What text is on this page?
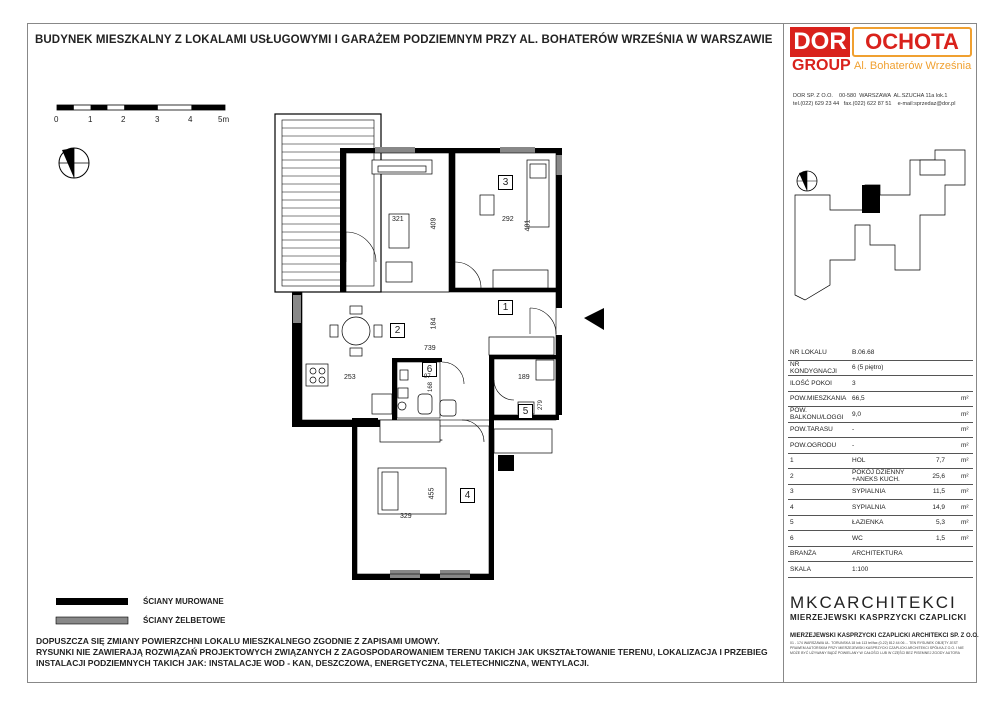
BUDYNEK MIESZKALNY Z LOKALAMI USŁUGOWYMI I GARAŻEM PODZIEMNYM PRZY AL. BOHATERÓW WRZEŚNIA W WARSZAWIE DOR OCHOTA
GROUP Al. Bohaterów Września
DOR SP. Z O.O.    00-580  WARSZAWA  AL.SZUCHA 11a lok.1
tel.(022) 629 23 44   fax.(022) 622 87 51    e-mail:sprzedaz@dor.pl
0	1	2	3	4	5m
1
2
3
4
5
6
321	409	292
401
184
739
253	97
168
189
279
455
329
ŚCIANY MUROWANE
ŚCIANY ŻELBETOWE
DOPUSZCZA SIĘ ZMIANY POWIERZCHNI LOKALU MIESZKALNEGO ZGODNIE Z ZAPISAMI UMOWY.
RYSUNKI NIE ZAWIERAJĄ ROZWIĄZAŃ PROJEKTOWYCH ZWIĄZANYCH Z ZAGOSPODAROWANIEM TERENU TAKICH JAK UKSZTAŁTOWANIE TERENU, LOKALIZACJA I PRZEBIEG
INSTALACJI PODZIEMNYCH TAKICH JAK: INSTALACJE WOD - KAN, DESZCZOWA, ENERGETYCZNA, TELETECHNICZNA, WENTYLACJI.
NR LOKALU	B.06.68		
NR KONDYGNACJI	6 (5 piętro)		
ILOŚĆ POKOI	3		
POW.MIESZKANIA	66,5		m²
POW. BALKONU/LOGGI	9,0		m²
POW.TARASU	-		m²
POW.OGRODU	-		m²
1	HOL	7,7	m²
2	POKÓJ DZIENNY +ANEKS KUCH.	25,6	m²
3	SYPIALNIA	11,5	m²
4	SYPIALNIA	14,9	m²
5	ŁAZIENKA	5,3	m²
6	WC	1,5	m²
BRANŻA	ARCHITEKTURA		
SKALA	1:100		
MKCARCHITEKCI
MIERZEJEWSKI KASPRZYCKI CZAPLICKI
MIERZEJEWSKI KASPRZYCKI CZAPLICKI ARCHITEKCI SP. Z O.O.
01 - 174 WARSZAWA UL. TORUNSKA 18 lok 113 tel/fax (0-22) 812 44 06 ... TEN RYSUNEK OBJĘTY JEST PRAWEM AUTORSKIM PRZY MIERZEJEWSKI KASPRZYCKI CZAPLICKI ARCHITEKCI SPÓŁKA Z O.O. I NIE MOŻE BYĆ UŻYWANY BĄDŹ POWIELANY W CAŁOŚCI LUB W CZĘŚCI BEZ PISEMNEJ ZGODY AUTORA
